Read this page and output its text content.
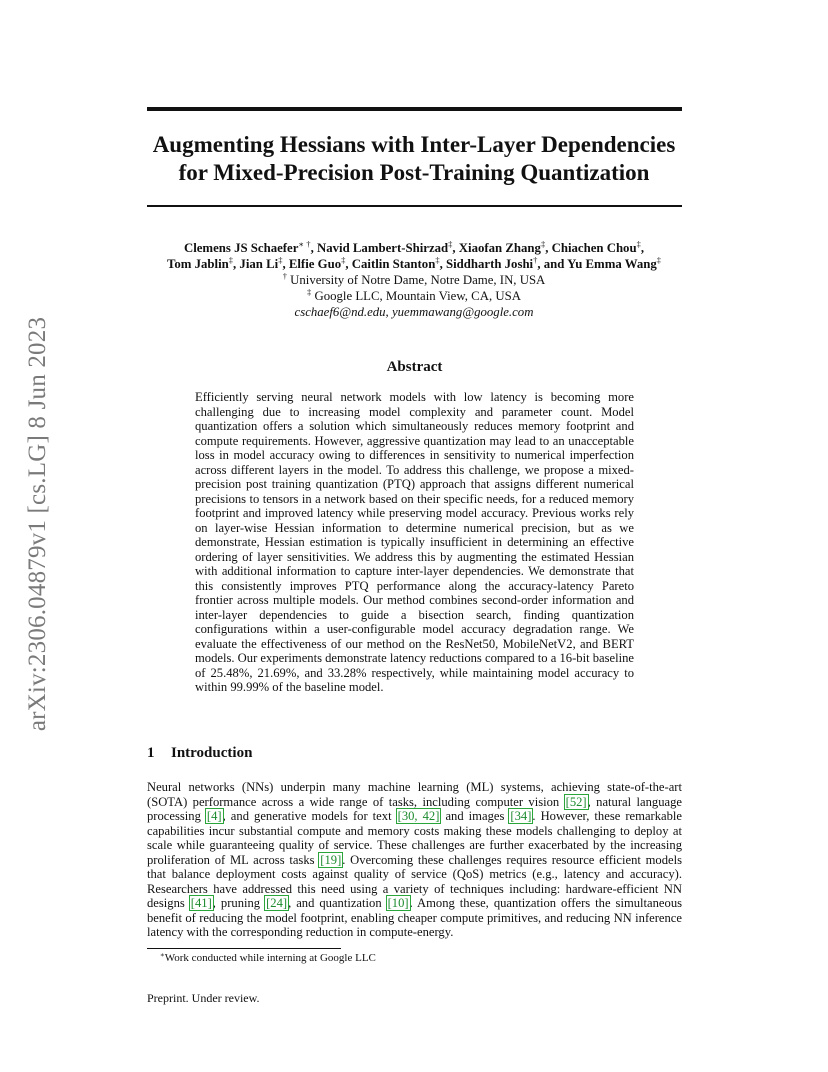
arXiv:2306.04879v1 [cs.LG] 8 Jun 2023
Augmenting Hessians with Inter-Layer Dependencies
for Mixed-Precision Post-Training Quantization
Clemens JS Schaefer∗ †, Navid Lambert-Shirzad‡, Xiaofan Zhang‡, Chiachen Chou‡,
Tom Jablin‡, Jian Li‡, Elfie Guo‡, Caitlin Stanton‡, Siddharth Joshi†, and Yu Emma Wang‡
† University of Notre Dame, Notre Dame, IN, USA
‡ Google LLC, Mountain View, CA, USA
cschaef6@nd.edu, yuemmawang@google.com
Abstract
Efficiently serving neural network models with low latency is becoming more challenging due to increasing model complexity and parameter count. Model quantization offers a solution which simultaneously reduces memory footprint and compute requirements. However, aggressive quantization may lead to an unacceptable loss in model accuracy owing to differences in sensitivity to numerical imperfection across different layers in the model. To address this challenge, we propose a mixed-precision post training quantization (PTQ) approach that assigns different numerical precisions to tensors in a network based on their specific needs, for a reduced memory footprint and improved latency while preserving model accuracy. Previous works rely on layer-wise Hessian information to determine numerical precision, but as we demonstrate, Hessian estimation is typically insufficient in determining an effective ordering of layer sensitivities. We address this by augmenting the estimated Hessian with additional information to capture inter-layer dependencies. We demonstrate that this consistently improves PTQ performance along the accuracy-latency Pareto frontier across multiple models. Our method combines second-order information and inter-layer dependencies to guide a bisection search, finding quantization configurations within a user-configurable model accuracy degradation range. We evaluate the effectiveness of our method on the ResNet50, MobileNetV2, and BERT models. Our experiments demonstrate latency reductions compared to a 16-bit baseline of 25.48%, 21.69%, and 33.28% respectively, while maintaining model accuracy to within 99.99% of the baseline model.
1 Introduction
Neural networks (NNs) underpin many machine learning (ML) systems, achieving state-of-the-art (SOTA) performance across a wide range of tasks, including computer vision [52], natural language processing [4], and generative models for text [30, 42] and images [34]. However, these remarkable capabilities incur substantial compute and memory costs making these models challenging to deploy at scale while guaranteeing quality of service. These challenges are further exacerbated by the increasing proliferation of ML across tasks [19]. Overcoming these challenges requires resource efficient models that balance deployment costs against quality of service (QoS) metrics (e.g., latency and accuracy). Researchers have addressed this need using a variety of techniques including: hardware-efficient NN designs [41], pruning [24], and quantization [10]. Among these, quantization offers the simultaneous benefit of reducing the model footprint, enabling cheaper compute primitives, and reducing NN inference latency with the corresponding reduction in compute-energy.
∗Work conducted while interning at Google LLC
Preprint. Under review.
